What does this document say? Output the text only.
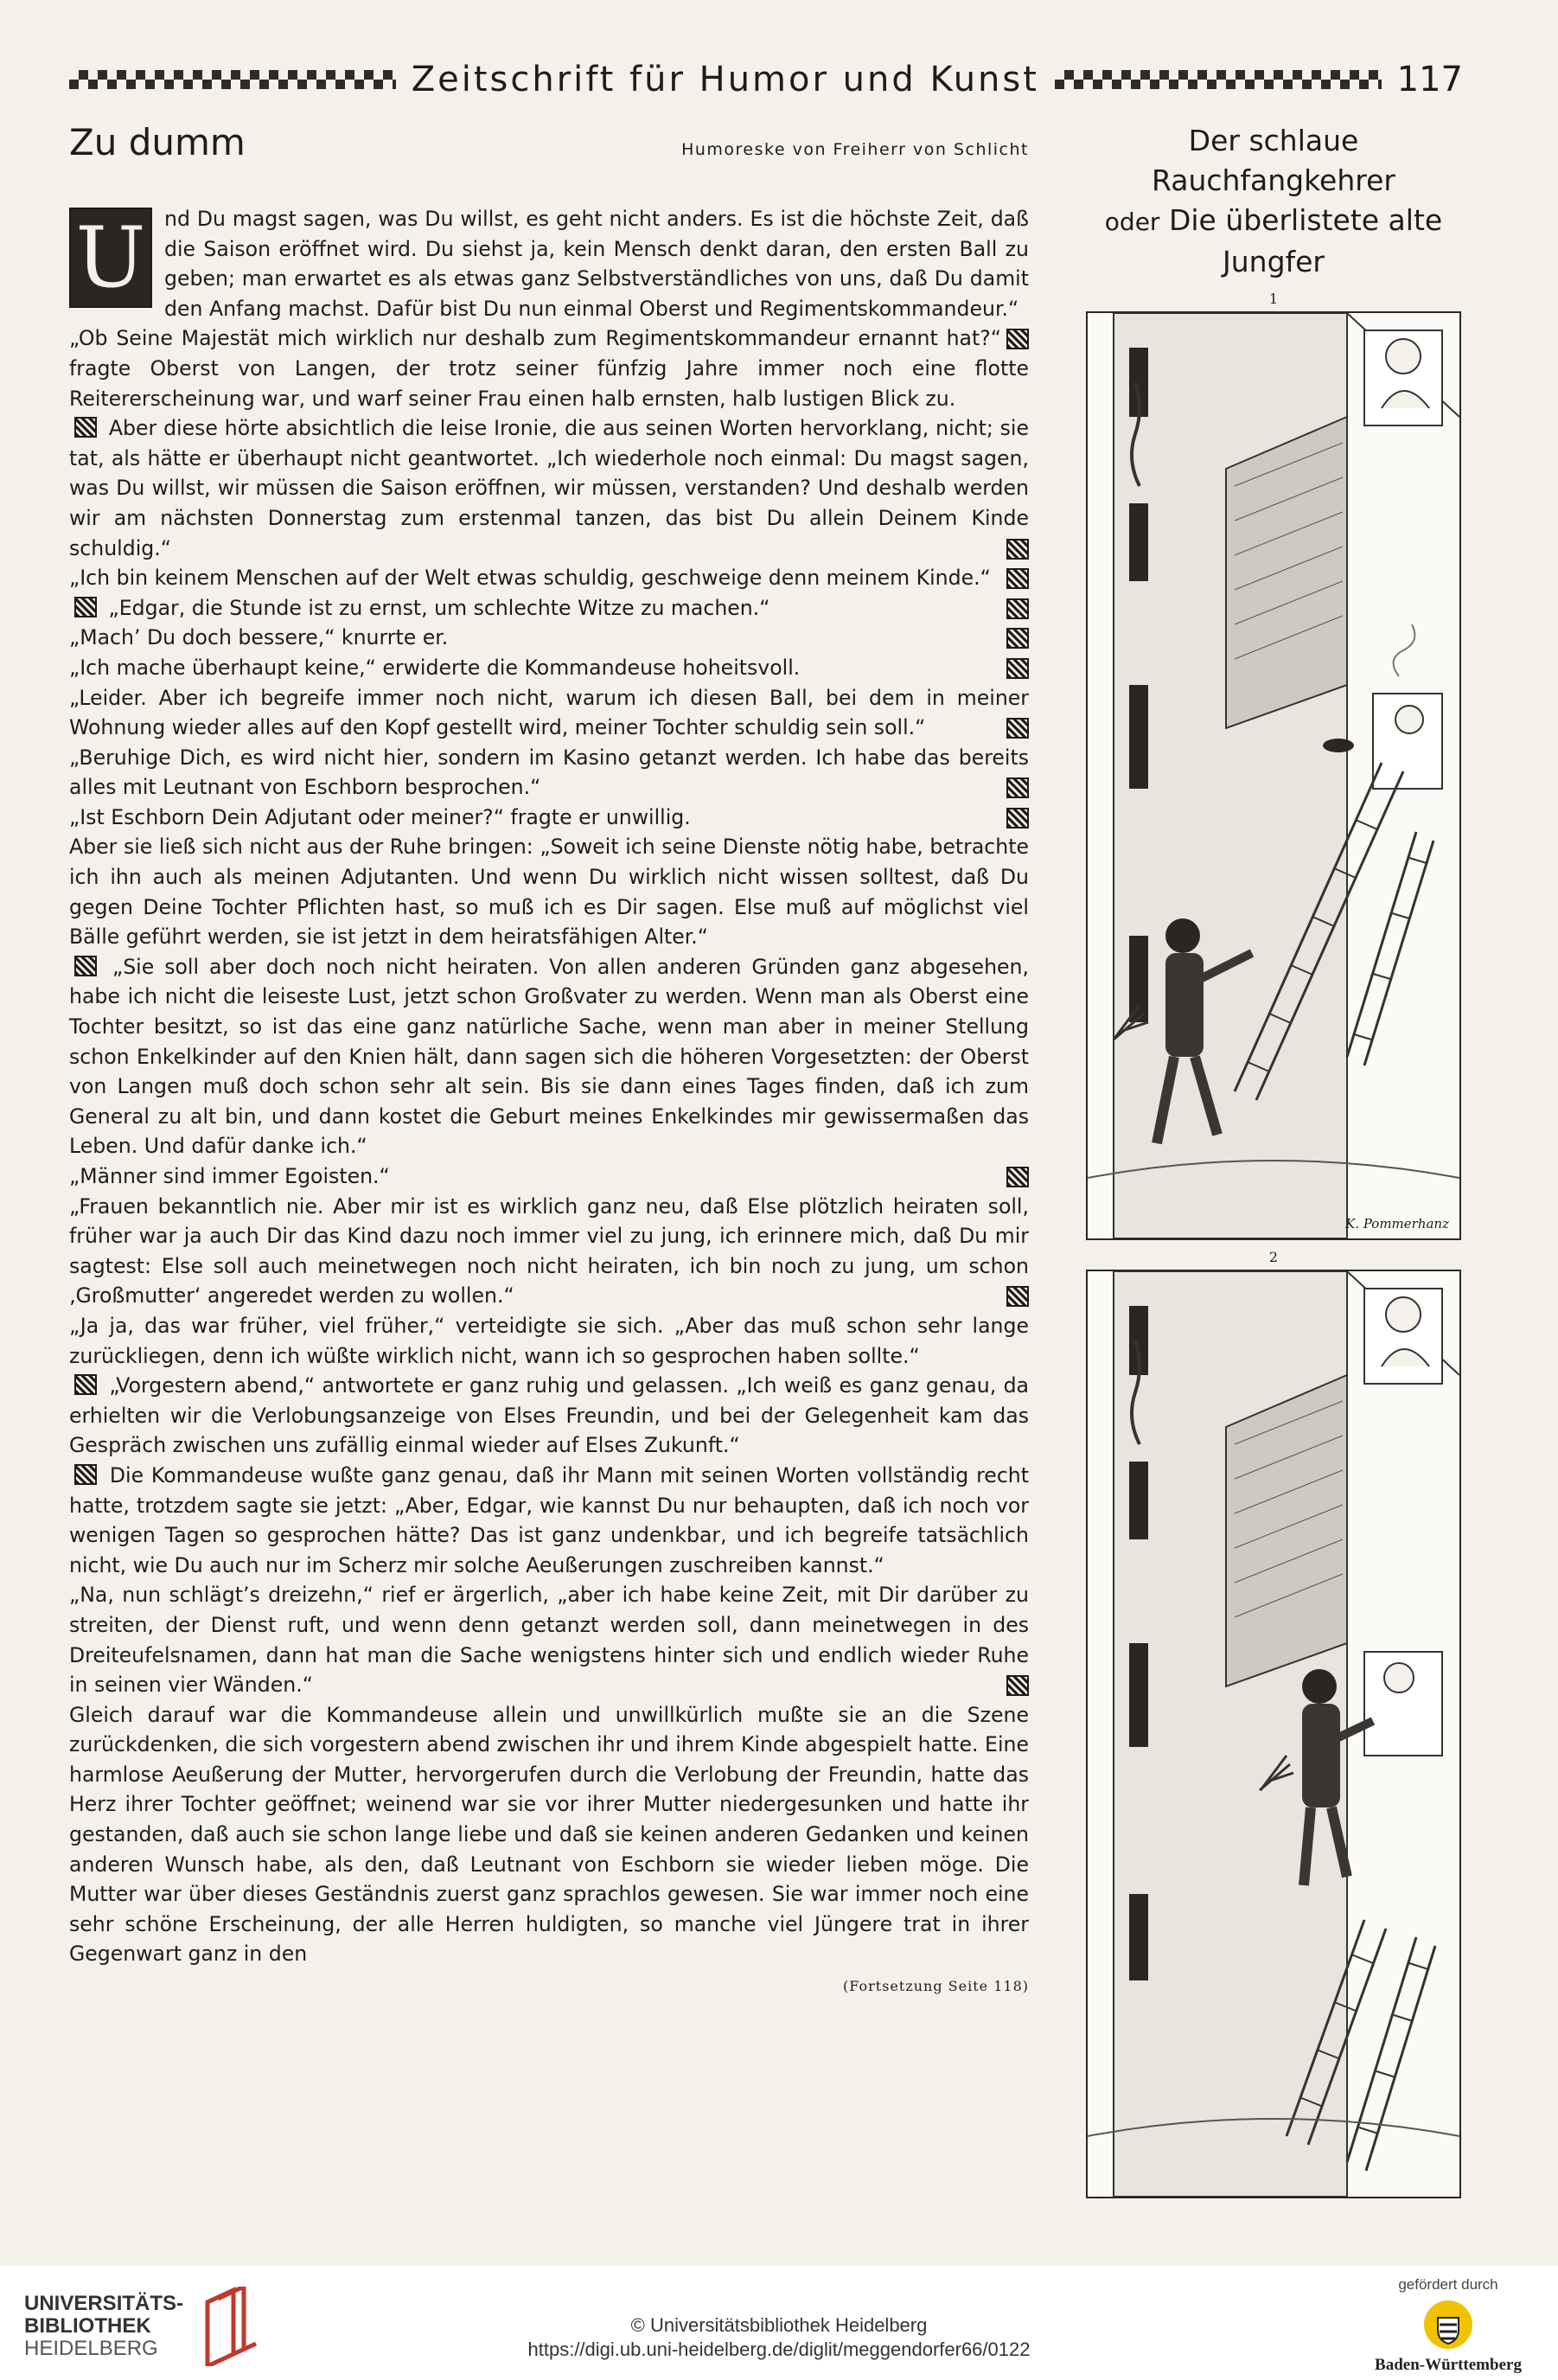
Zeitschrift für Humor und Kunst	117
Zu dumm	Humoreske von Freiherr von Schlicht

U nd Du magst sagen, was Du willst, es geht nicht anders. Es ist die höchste Zeit, daß die Saison eröffnet wird. Du siehst ja, kein Mensch denkt daran, den ersten Ball zu geben; man erwartet es als etwas ganz Selbstverständliches von uns, daß Du damit den Anfang machst. Dafür bist Du nun einmal Oberst und Regimentskommandeur.“

„Ob Seine Majestät mich wirklich nur deshalb zum Regimentskommandeur ernannt hat?“ fragte Oberst von Langen, der trotz seiner fünfzig Jahre immer noch eine flotte Reitererscheinung war, und warf seiner Frau einen halb ernsten, halb lustigen Blick zu.

Aber diese hörte absichtlich die leise Ironie, die aus seinen Worten hervorklang, nicht; sie tat, als hätte er überhaupt nicht geantwortet. „Ich wiederhole noch einmal: Du magst sagen, was Du willst, wir müssen die Saison eröffnen, wir müssen, verstanden? Und deshalb werden wir am nächsten Donnerstag zum erstenmal tanzen, das bist Du allein Deinem Kinde schuldig.“

„Ich bin keinem Menschen auf der Welt etwas schuldig, geschweige denn meinem Kinde.“

„Edgar, die Stunde ist zu ernst, um schlechte Witze zu machen.“

„Mach’ Du doch bessere,“ knurrte er.

„Ich mache überhaupt keine,“ erwiderte die Kommandeuse hoheitsvoll.

„Leider. Aber ich begreife immer noch nicht, warum ich diesen Ball, bei dem in meiner Wohnung wieder alles auf den Kopf gestellt wird, meiner Tochter schuldig sein soll.“

„Beruhige Dich, es wird nicht hier, sondern im Kasino getanzt werden. Ich habe das bereits alles mit Leutnant von Eschborn besprochen.“

„Ist Eschborn Dein Adjutant oder meiner?“ fragte er unwillig.

Aber sie ließ sich nicht aus der Ruhe bringen: „Soweit ich seine Dienste nötig habe, betrachte ich ihn auch als meinen Adjutanten. Und wenn Du wirklich nicht wissen solltest, daß Du gegen Deine Tochter Pflichten hast, so muß ich es Dir sagen. Else muß auf möglichst viel Bälle geführt werden, sie ist jetzt in dem heiratsfähigen Alter.“

„Sie soll aber doch noch nicht heiraten. Von allen anderen Gründen ganz abgesehen, habe ich nicht die leiseste Lust, jetzt schon Großvater zu werden. Wenn man als Oberst eine Tochter besitzt, so ist das eine ganz natürliche Sache, wenn man aber in meiner Stellung schon Enkelkinder auf den Knien hält, dann sagen sich die höheren Vorgesetzten: der Oberst von Langen muß doch schon sehr alt sein. Bis sie dann eines Tages finden, daß ich zum General zu alt bin, und dann kostet die Geburt meines Enkelkindes mir gewissermaßen das Leben. Und dafür danke ich.“

„Männer sind immer Egoisten.“

„Frauen bekanntlich nie. Aber mir ist es wirklich ganz neu, daß Else plötzlich heiraten soll, früher war ja auch Dir das Kind dazu noch immer viel zu jung, ich erinnere mich, daß Du mir sagtest: Else soll auch meinetwegen noch nicht heiraten, ich bin noch zu jung, um schon ‚Großmutter‘ angeredet werden zu wollen.“

„Ja ja, das war früher, viel früher,“ verteidigte sie sich. „Aber das muß schon sehr lange zurückliegen, denn ich wüßte wirklich nicht, wann ich so gesprochen haben sollte.“

„Vorgestern abend,“ antwortete er ganz ruhig und gelassen. „Ich weiß es ganz genau, da erhielten wir die Verlobungsanzeige von Elses Freundin, und bei der Gelegenheit kam das Gespräch zwischen uns zufällig einmal wieder auf Elses Zukunft.“

Die Kommandeuse wußte ganz genau, daß ihr Mann mit seinen Worten vollständig recht hatte, trotzdem sagte sie jetzt: „Aber, Edgar, wie kannst Du nur behaupten, daß ich noch vor wenigen Tagen so gesprochen hätte? Das ist ganz undenkbar, und ich begreife tatsächlich nicht, wie Du auch nur im Scherz mir solche Aeußerungen zuschreiben kannst.“

„Na, nun schlägt’s dreizehn,“ rief er ärgerlich, „aber ich habe keine Zeit, mit Dir darüber zu streiten, der Dienst ruft, und wenn denn getanzt werden soll, dann meinetwegen in des Dreiteufelsnamen, dann hat man die Sache wenigstens hinter sich und endlich wieder Ruhe in seinen vier Wänden.“

Gleich darauf war die Kommandeuse allein und unwillkürlich mußte sie an die Szene zurückdenken, die sich vorgestern abend zwischen ihr und ihrem Kinde abgespielt hatte. Eine harmlose Aeußerung der Mutter, hervorgerufen durch die Verlobung der Freundin, hatte das Herz ihrer Tochter geöffnet; weinend war sie vor ihrer Mutter niedergesunken und hatte ihr gestanden, daß auch sie schon lange liebe und daß sie keinen anderen Gedanken und keinen anderen Wunsch habe, als den, daß Leutnant von Eschborn sie wieder lieben möge. Die Mutter war über dieses Geständnis zuerst ganz sprachlos gewesen. Sie war immer noch eine sehr schöne Erscheinung, der alle Herren huldigten, so manche viel Jüngere trat in ihrer Gegenwart ganz in den

(Fortsetzung Seite 118)
Der schlaue Rauchfangkehrer
oder Die überlistete alte Jungfer
1
K. Pommerhanz
2
UNIVERSITÄTS-
BIBLIOTHEK
HEIDELBERG
© Universitätsbibliothek Heidelberg
https://digi.ub.uni-heidelberg.de/diglit/meggendorfer66/0122
gefördert durch
Baden-Württemberg
